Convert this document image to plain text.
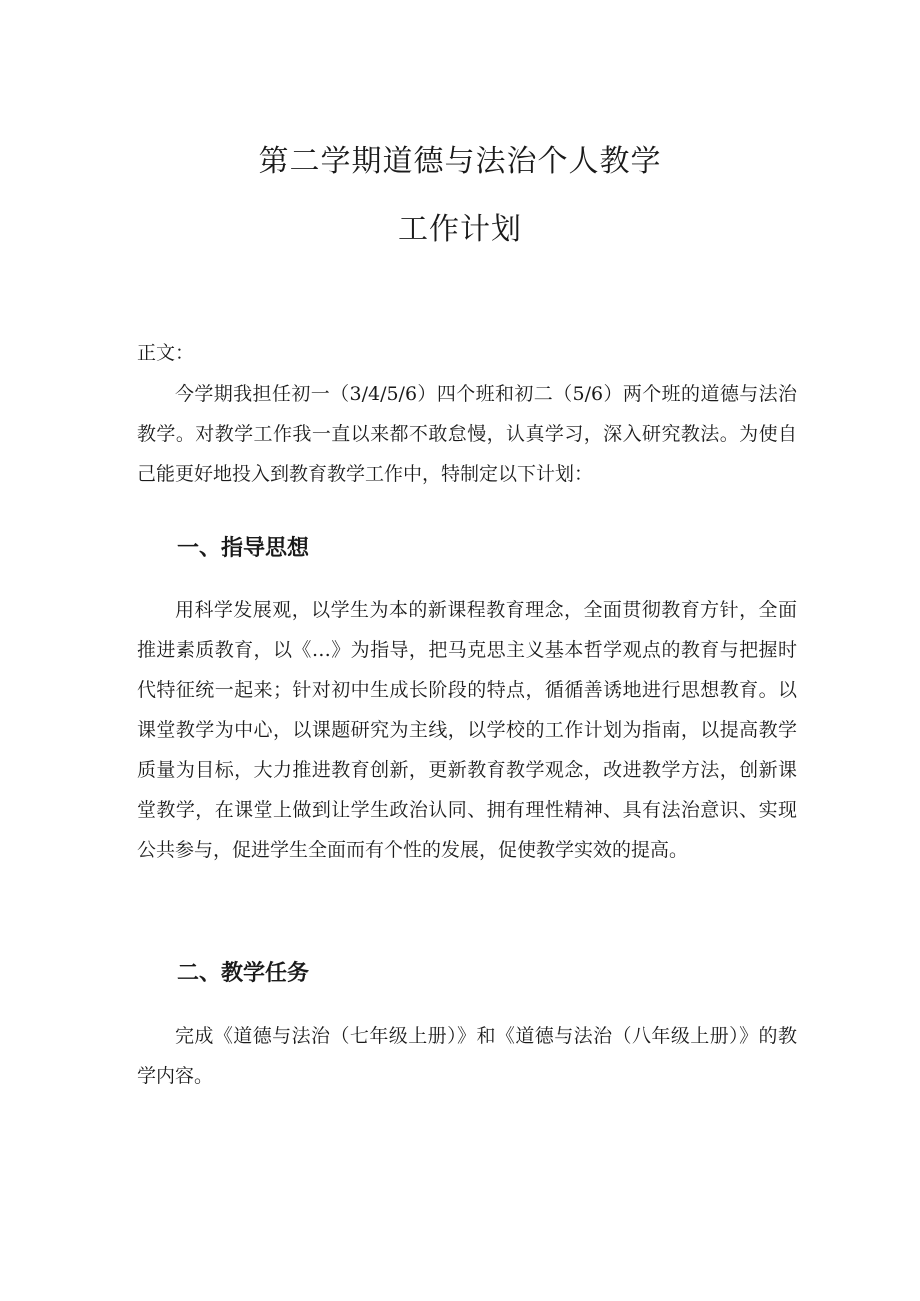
第二学期道德与法治个人教学
工作计划

正文：

今学期我担任初一（3/4/5/6）四个班和初二（5/6）两个班的道德与法治教学。对教学工作我一直以来都不敢怠慢，认真学习，深入研究教法。为使自己能更好地投入到教育教学工作中，特制定以下计划：

一、指导思想

用科学发展观，以学生为本的新课程教育理念，全面贯彻教育方针，全面推进素质教育，以《…》为指导，把马克思主义基本哲学观点的教育与把握时代特征统一起来；针对初中生成长阶段的特点，循循善诱地进行思想教育。以课堂教学为中心，以课题研究为主线，以学校的工作计划为指南，以提高教学质量为目标，大力推进教育创新，更新教育教学观念，改进教学方法，创新课堂教学，在课堂上做到让学生政治认同、拥有理性精神、具有法治意识、实现公共参与，促进学生全面而有个性的发展，促使教学实效的提高。

二、教学任务

完成《道德与法治（七年级上册）》和《道德与法治（八年级上册）》的教学内容。
